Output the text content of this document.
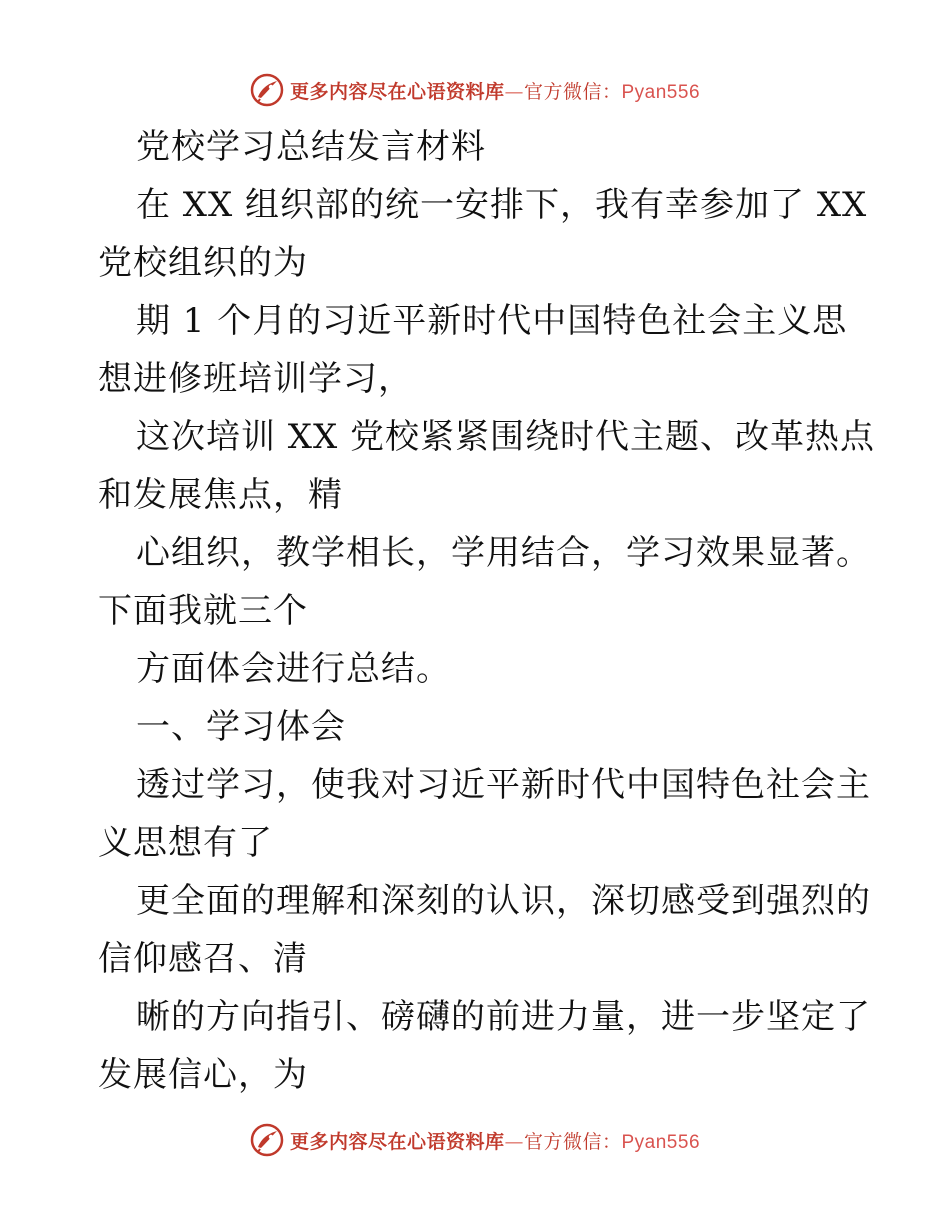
更多内容尽在心语资料库—官方微信：Pyan556
党校学习总结发言材料
在 XX 组织部的统一安排下，我有幸参加了 XX
党校组织的为
期 1 个月的习近平新时代中国特色社会主义思
想进修班培训学习，
这次培训 XX 党校紧紧围绕时代主题、改革热点
和发展焦点，精
心组织，教学相长，学用结合，学习效果显著。
下面我就三个
方面体会进行总结。
一、学习体会
透过学习，使我对习近平新时代中国特色社会主
义思想有了
更全面的理解和深刻的认识，深切感受到强烈的
信仰感召、清
晰的方向指引、磅礴的前进力量，进一步坚定了
发展信心，为
更多内容尽在心语资料库—官方微信：Pyan556
